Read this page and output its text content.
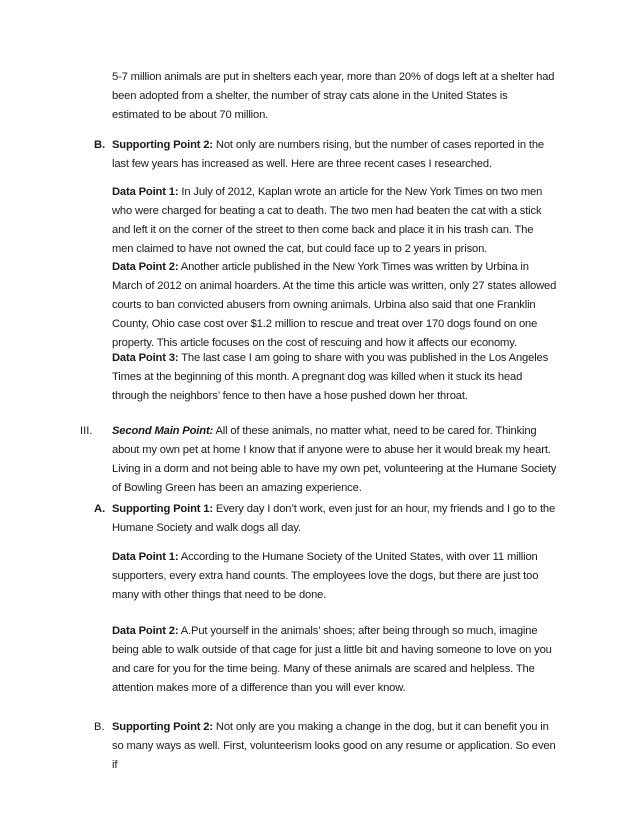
5-7 million animals are put in shelters each year, more than 20% of dogs left at a shelter had been adopted from a shelter, the number of stray cats alone in the United States is estimated to be about 70 million.

B. Supporting Point 2: Not only are numbers rising, but the number of cases reported in the last few years has increased as well. Here are three recent cases I researched.

Data Point 1: In July of 2012, Kaplan wrote an article for the New York Times on two men who were charged for beating a cat to death. The two men had beaten the cat with a stick and left it on the corner of the street to then come back and place it in his trash can. The men claimed to have not owned the cat, but could face up to 2 years in prison.

Data Point 2: Another article published in the New York Times was written by Urbina in March of 2012 on animal hoarders. At the time this article was written, only 27 states allowed courts to ban convicted abusers from owning animals. Urbina also said that one Franklin County, Ohio case cost over $1.2 million to rescue and treat over 170 dogs found on one property. This article focuses on the cost of rescuing and how it affects our economy.

Data Point 3: The last case I am going to share with you was published in the Los Angeles Times at the beginning of this month. A pregnant dog was killed when it stuck its head through the neighbors’ fence to then have a hose pushed down her throat.

III. Second Main Point: All of these animals, no matter what, need to be cared for. Thinking about my own pet at home I know that if anyone were to abuse her it would break my heart. Living in a dorm and not being able to have my own pet, volunteering at the Humane Society of Bowling Green has been an amazing experience.

A. Supporting Point 1: Every day I don’t work, even just for an hour, my friends and I go to the Humane Society and walk dogs all day.

Data Point 1: According to the Humane Society of the United States, with over 11 million supporters, every extra hand counts. The employees love the dogs, but there are just too many with other things that need to be done.

Data Point 2: A.Put yourself in the animals’ shoes; after being through so much, imagine being able to walk outside of that cage for just a little bit and having someone to love on you and care for you for the time being. Many of these animals are scared and helpless. The attention makes more of a difference than you will ever know.

B. Supporting Point 2: Not only are you making a change in the dog, but it can benefit you in so many ways as well. First, volunteerism looks good on any resume or application. So even if
